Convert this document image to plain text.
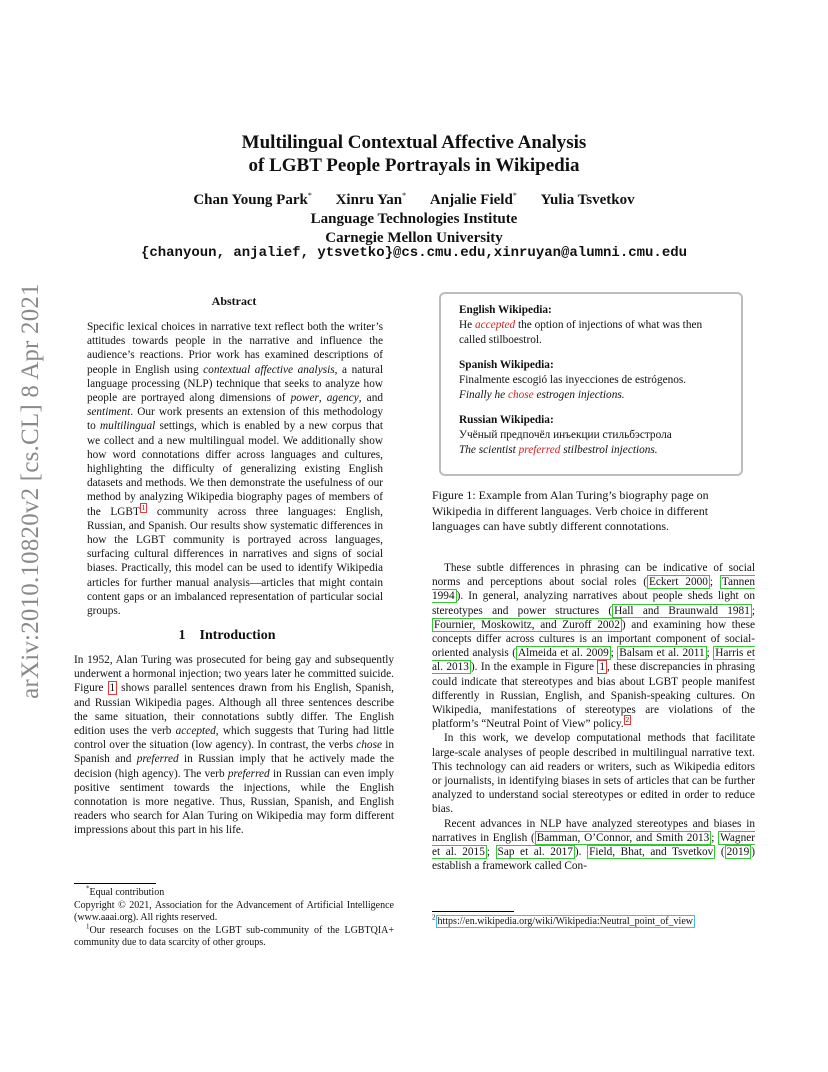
arXiv:2010.10820v2 [cs.CL] 8 Apr 2021
Multilingual Contextual Affective Analysis
of LGBT People Portrayals in Wikipedia
Chan Young Park* Xinru Yan* Anjalie Field* Yulia Tsvetkov
Language Technologies Institute
Carnegie Mellon University
{chanyoun, anjalief, ytsvetko}@cs.cmu.edu,xinruyan@alumni.cmu.edu
Abstract
Specific lexical choices in narrative text reflect both the writer’s attitudes towards people in the narrative and influence the audience’s reactions. Prior work has examined descriptions of people in English using contextual affective analysis, a natural language processing (NLP) technique that seeks to analyze how people are portrayed along dimensions of power, agency, and sentiment. Our work presents an extension of this methodology to multilingual settings, which is enabled by a new corpus that we collect and a new multilingual model. We additionally show how word connotations differ across languages and cultures, highlighting the difficulty of generalizing existing English datasets and methods. We then demonstrate the usefulness of our method by analyzing Wikipedia biography pages of members of the LGBT $^1$ community across three languages: English, Russian, and Spanish. Our results show systematic differences in how the LGBT community is portrayed across languages, surfacing cultural differences in narratives and signs of social biases. Practically, this model can be used to identify Wikipedia articles for further manual analysis—articles that might contain content gaps or an imbalanced representation of particular social groups.
1 Introduction
In 1952, Alan Turing was prosecuted for being gay and subsequently underwent a hormonal injection; two years later he committed suicide. Figure 1 shows parallel sentences drawn from his English, Spanish, and Russian Wikipedia pages. Although all three sentences describe the same situation, their connotations subtly differ. The English edition uses the verb accepted, which suggests that Turing had little control over the situation (low agency). In contrast, the verbs chose in Spanish and preferred in Russian imply that he actively made the decision (high agency). The verb preferred in Russian can even imply positive sentiment towards the injections, while the English connotation is more negative. Thus, Russian, Spanish, and English readers who search for Alan Turing on Wikipedia may form different impressions about this part in his life.

*Equal contribution

Copyright © 2021, Association for the Advancement of Artificial Intelligence (www.aaai.org). All rights reserved.

$^1$Our research focuses on the LGBT sub-community of the LGBTQIA+ community due to data scarcity of other groups.

English Wikipedia:
He accepted the option of injections of what was then called stilboestrol.
Spanish Wikipedia:
Finalmente escogió las inyecciones de estrógenos.
Finally he chose estrogen injections.
Russian Wikipedia:
Учёный предпочёл инъекции стильбэстрола
The scientist preferred stilbestrol injections.
Figure 1: Example from Alan Turing’s biography page on Wikipedia in different languages. Verb choice in different languages can have subtly different connotations.

These subtle differences in phrasing can be indicative of social norms and perceptions about social roles ( Eckert 2000 ; Tannen 1994 ). In general, analyzing narratives about people sheds light on stereotypes and power structures ( Hall and Braunwald 1981 ; Fournier, Moskowitz, and Zuroff 2002 ) and examining how these concepts differ across cultures is an important component of social-oriented analysis ( Almeida et al. 2009 ; Balsam et al. 2011 ; Harris et al. 2013 ). In the example in Figure 1 , these discrepancies in phrasing could indicate that stereotypes and bias about LGBT people manifest differently in Russian, English, and Spanish-speaking cultures. On Wikipedia, manifestations of stereotypes are violations of the platform’s “Neutral Point of View” policy. $^2$

In this work, we develop computational methods that facilitate large-scale analyses of people described in multilingual narrative text. This technology can aid readers or writers, such as Wikipedia editors or journalists, in identifying biases in sets of articles that can be further analyzed to understand social stereotypes or edited in order to reduce bias.

Recent advances in NLP have analyzed stereotypes and biases in narratives in English ( Bamman, O’Connor, and Smith 2013 ; Wagner et al. 2015 ; Sap et al. 2017 ). Field, Bhat, and Tsvetkov ( 2019 ) establish a framework called Con-

$^2$ https://en.wikipedia.org/wiki/Wikipedia:Neutral_point_of_view
